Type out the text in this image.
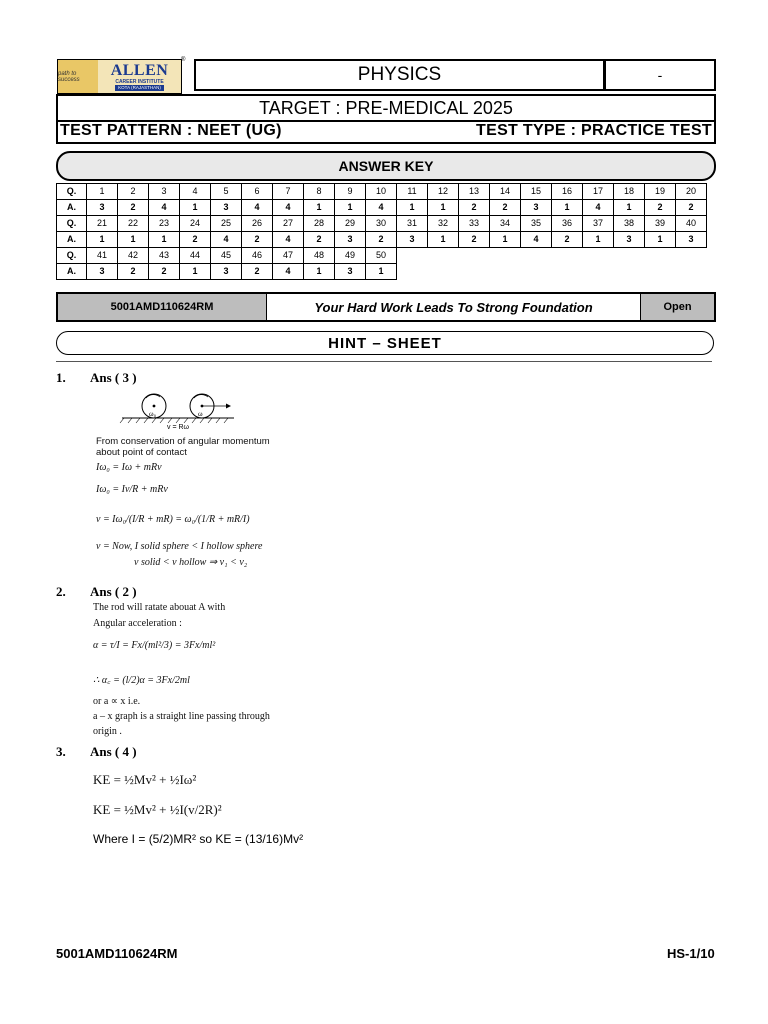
path to success
ALLEN
CAREER INSTITUTE
KOTA (RAJASTHAN)
®
PHYSICS	-
TARGET : PRE-MEDICAL 2025
TEST PATTERN : NEET (UG)	TEST TYPE : PRACTICE TEST
ANSWER KEY
Q.	1	2	3	4	5	6	7	8	9	10	11	12	13	14	15	16	17	18	19	20
A.	3	2	4	1	3	4	4	1	1	4	1	1	2	2	3	1	4	1	2	2
Q.	21	22	23	24	25	26	27	28	29	30	31	32	33	34	35	36	37	38	39	40
A.	1	1	1	2	4	2	4	2	3	2	3	1	2	1	4	2	1	3	1	3
Q.	41	42	43	44	45	46	47	48	49	50										
A.	3	2	2	1	3	2	4	1	3	1										
5001AMD110624RM	Your Hard Work Leads To Strong Foundation	Open
HINT – SHEET
1. Ans ( 3 )
ω₀	ω
v = Rω
From conservation of angular momentum
about point of contact
Iω₀ = Iω + mRv
Iω₀ = Iv/R + mRv
v = Iω₀/(I/R + mR) = ω₀/(1/R + mR/I)
v = Now, I solid sphere < I hollow sphere
v solid < v hollow ⇒ v₁ < v₂
2. Ans ( 2 )
The rod will ratate abouat A with
Angular acceleration :
α = τ/I = Fx/(ml²/3) = 3Fx/ml²
∴ α꜀ = (l/2)α = 3Fx/2ml
or a ∝ x i.e.
a – x graph is a straight line passing through
origin .
3. Ans ( 4 )
KE = ½Mv² + ½Iω²
KE = ½Mv² + ½I(v/2R)²
Where I = (5/2)MR² so KE = (13/16)Mv²
5001AMD110624RM	HS-1/10
